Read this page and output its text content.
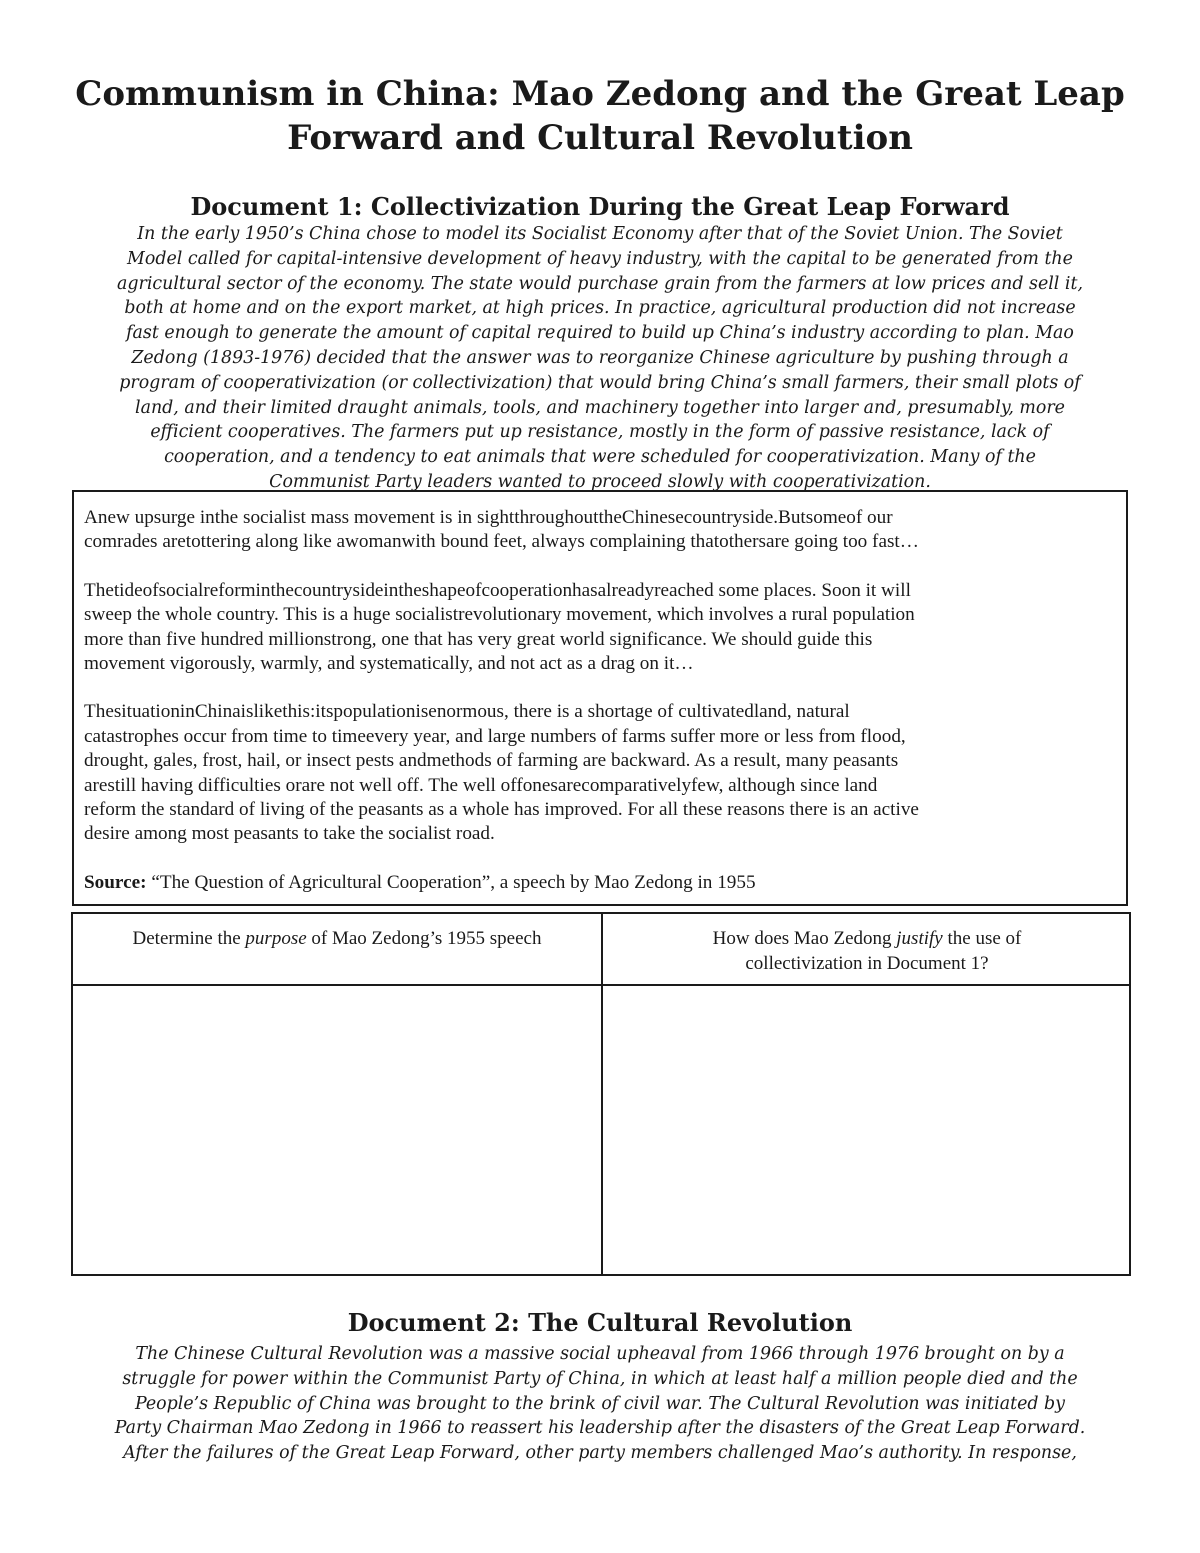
Communism in China: Mao Zedong and the Great Leap
Forward and Cultural Revolution
Document 1: Collectivization During the Great Leap Forward

In the early 1950’s China chose to model its Socialist Economy after that of the Soviet Union. The Soviet
Model called for capital-intensive development of heavy industry, with the capital to be generated from the
agricultural sector of the economy. The state would purchase grain from the farmers at low prices and sell it,
both at home and on the export market, at high prices. In practice, agricultural production did not increase
fast enough to generate the amount of capital required to build up China’s industry according to plan. Mao
Zedong (1893-1976) decided that the answer was to reorganize Chinese agriculture by pushing through a
program of cooperativization (or collectivization) that would bring China’s small farmers, their small plots of
land, and their limited draught animals, tools, and machinery together into larger and, presumably, more
efficient cooperatives. The farmers put up resistance, mostly in the form of passive resistance, lack of
cooperation, and a tendency to eat animals that were scheduled for cooperativization. Many of the
Communist Party leaders wanted to proceed slowly with cooperativization.

Anew upsurge inthe socialist mass movement is in sightthroughouttheChinesecountryside.Butsomeof our
comrades aretottering along like awomanwith bound feet, always complaining thatothersare going too fast…

Thetideofsocialreforminthecountrysideintheshapeofcooperationhasalreadyreached some places. Soon it will
sweep the whole country. This is a huge socialistrevolutionary movement, which involves a rural population
more than five hundred millionstrong, one that has very great world significance. We should guide this
movement vigorously, warmly, and systematically, and not act as a drag on it…

ThesituationinChinaislikethis:itspopulationisenormous, there is a shortage of cultivatedland, natural
catastrophes occur from time to timeevery year, and large numbers of farms suffer more or less from flood,
drought, gales, frost, hail, or insect pests andmethods of farming are backward. As a result, many peasants
arestill having difficulties orare not well off. The well offonesarecomparativelyfew, although since land
reform the standard of living of the peasants as a whole has improved. For all these reasons there is an active
desire among most peasants to take the socialist road.

Source: “The Question of Agricultural Cooperation”, a speech by Mao Zedong in 1955

Determine the purpose of Mao Zedong’s 1955 speech	How does Mao Zedong justify the use of
collectivization in Document 1?
Document 2: The Cultural Revolution

The Chinese Cultural Revolution was a massive social upheaval from 1966 through 1976 brought on by a
struggle for power within the Communist Party of China, in which at least half a million people died and the
People’s Republic of China was brought to the brink of civil war. The Cultural Revolution was initiated by
Party Chairman Mao Zedong in 1966 to reassert his leadership after the disasters of the Great Leap Forward.
After the failures of the Great Leap Forward, other party members challenged Mao’s authority. In response,
